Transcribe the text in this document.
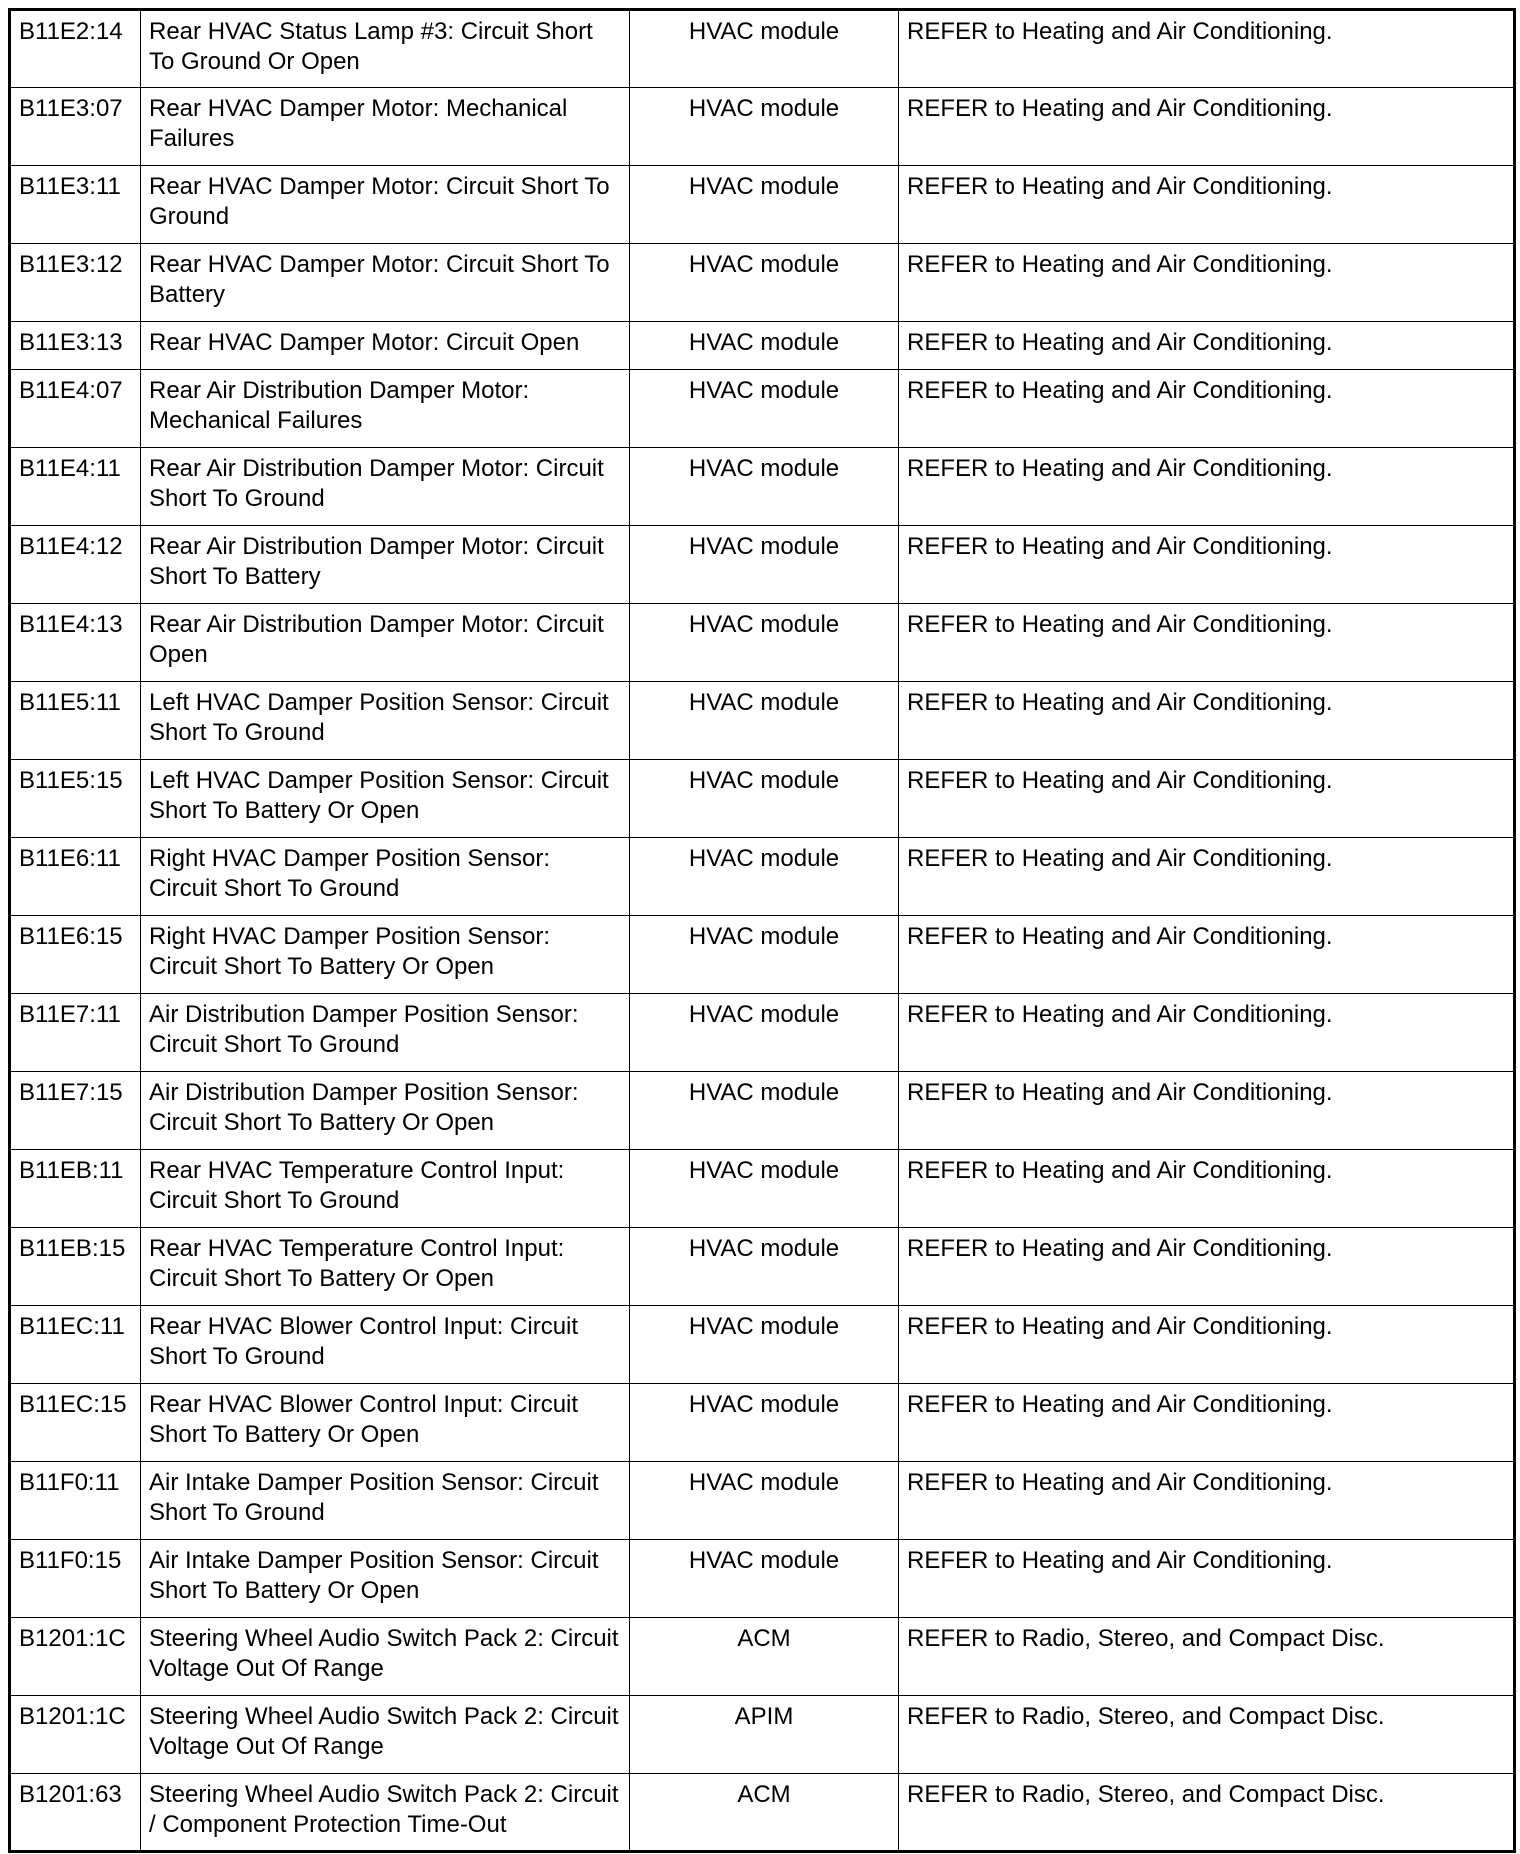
B11E2:14	Rear HVAC Status Lamp #3: Circuit Short To Ground Or Open	HVAC module	REFER to Heating and Air Conditioning.
B11E3:07	Rear HVAC Damper Motor: Mechanical Failures	HVAC module	REFER to Heating and Air Conditioning.
B11E3:11	Rear HVAC Damper Motor: Circuit Short To Ground	HVAC module	REFER to Heating and Air Conditioning.
B11E3:12	Rear HVAC Damper Motor: Circuit Short To Battery	HVAC module	REFER to Heating and Air Conditioning.
B11E3:13	Rear HVAC Damper Motor: Circuit Open	HVAC module	REFER to Heating and Air Conditioning.
B11E4:07	Rear Air Distribution Damper Motor: Mechanical Failures	HVAC module	REFER to Heating and Air Conditioning.
B11E4:11	Rear Air Distribution Damper Motor: Circuit Short To Ground	HVAC module	REFER to Heating and Air Conditioning.
B11E4:12	Rear Air Distribution Damper Motor: Circuit Short To Battery	HVAC module	REFER to Heating and Air Conditioning.
B11E4:13	Rear Air Distribution Damper Motor: Circuit Open	HVAC module	REFER to Heating and Air Conditioning.
B11E5:11	Left HVAC Damper Position Sensor: Circuit Short To Ground	HVAC module	REFER to Heating and Air Conditioning.
B11E5:15	Left HVAC Damper Position Sensor: Circuit Short To Battery Or Open	HVAC module	REFER to Heating and Air Conditioning.
B11E6:11	Right HVAC Damper Position Sensor: Circuit Short To Ground	HVAC module	REFER to Heating and Air Conditioning.
B11E6:15	Right HVAC Damper Position Sensor: Circuit Short To Battery Or Open	HVAC module	REFER to Heating and Air Conditioning.
B11E7:11	Air Distribution Damper Position Sensor: Circuit Short To Ground	HVAC module	REFER to Heating and Air Conditioning.
B11E7:15	Air Distribution Damper Position Sensor: Circuit Short To Battery Or Open	HVAC module	REFER to Heating and Air Conditioning.
B11EB:11	Rear HVAC Temperature Control Input: Circuit Short To Ground	HVAC module	REFER to Heating and Air Conditioning.
B11EB:15	Rear HVAC Temperature Control Input: Circuit Short To Battery Or Open	HVAC module	REFER to Heating and Air Conditioning.
B11EC:11	Rear HVAC Blower Control Input: Circuit Short To Ground	HVAC module	REFER to Heating and Air Conditioning.
B11EC:15	Rear HVAC Blower Control Input: Circuit Short To Battery Or Open	HVAC module	REFER to Heating and Air Conditioning.
B11F0:11	Air Intake Damper Position Sensor: Circuit Short To Ground	HVAC module	REFER to Heating and Air Conditioning.
B11F0:15	Air Intake Damper Position Sensor: Circuit Short To Battery Or Open	HVAC module	REFER to Heating and Air Conditioning.
B1201:1C	Steering Wheel Audio Switch Pack 2: Circuit Voltage Out Of Range	ACM	REFER to Radio, Stereo, and Compact Disc.
B1201:1C	Steering Wheel Audio Switch Pack 2: Circuit Voltage Out Of Range	APIM	REFER to Radio, Stereo, and Compact Disc.
B1201:63	Steering Wheel Audio Switch Pack 2: Circuit / Component Protection Time-Out	ACM	REFER to Radio, Stereo, and Compact Disc.
